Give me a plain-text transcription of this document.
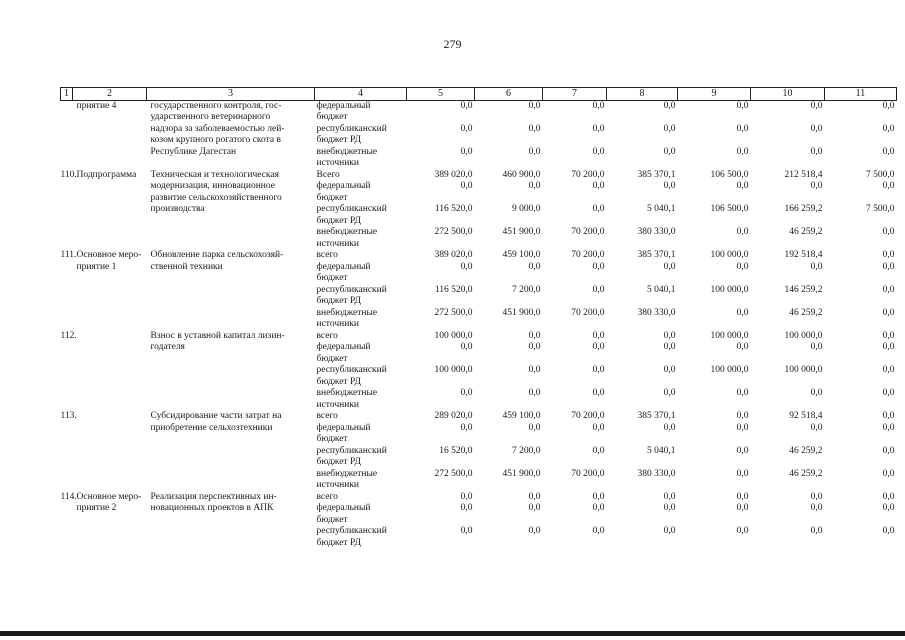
279
1	2	3	4	5	6	7	8	9	10	11

	приятие 4	государственного контроля, гос-	федеральный	0,0	0,0	0,0	0,0	0,0	0,0	0,0

		ударственного ветеринарного	бюджет							

		надзора за заболеваемостью лей-	республиканский	0,0	0,0	0,0	0,0	0,0	0,0	0,0

		козом крупного рогатого скота в	бюджет РД							

		Республике Дагестан	внебюджетные	0,0	0,0	0,0	0,0	0,0	0,0	0,0

			источники							

110.	Подпрограмма	Техническая и технологическая	Всего	389 020,0	460 900,0	70 200,0	385 370,1	106 500,0	212 518,4	7 500,0

		модернизация, инновационное	федеральный	0,0	0,0	0,0	0,0	0,0	0,0	0,0

		развитие сельскохозяйственного	бюджет							

		производства	республиканский	116 520,0	9 000,0	0,0	5 040,1	106 500,0	166 259,2	7 500,0

			бюджет РД							

			внебюджетные	272 500,0	451 900,0	70 200,0	380 330,0	0,0	46 259,2	0,0

			источники							

111.	Основное меро-	Обновление парка сельскохозяй-	всего	389 020,0	459 100,0	70 200,0	385 370,1	100 000,0	192 518,4	0,0

	приятие 1	ственной техники	федеральный	0,0	0,0	0,0	0,0	0,0	0,0	0,0

			бюджет							

			республиканский	116 520,0	7 200,0	0,0	5 040,1	100 000,0	146 259,2	0,0

			бюджет РД							

			внебюджетные	272 500,0	451 900,0	70 200,0	380 330,0	0,0	46 259,2	0,0

			источники							

112.		Взнос в уставной капитал лизин-	всего	100 000,0	0,0	0,0	0,0	100 000,0	100 000,0	0,0

		годателя	федеральный	0,0	0,0	0,0	0,0	0,0	0,0	0,0

			бюджет							

			республиканский	100 000,0	0,0	0,0	0,0	100 000,0	100 000,0	0,0

			бюджет РД							

			внебюджетные	0,0	0,0	0,0	0,0	0,0	0,0	0,0

			источники							

113.		Субсидирование части затрат на	всего	289 020,0	459 100,0	70 200,0	385 370,1	0,0	92 518,4	0,0

		приобретение сельхозтехники	федеральный	0,0	0,0	0,0	0,0	0,0	0,0	0,0

			бюджет							

			республиканский	16 520,0	7 200,0	0,0	5 040,1	0,0	46 259,2	0,0

			бюджет РД							

			внебюджетные	272 500,0	451 900,0	70 200,0	380 330,0	0,0	46 259,2	0,0

			источники							

114.	Основное меро-	Реализация перспективных ин-	всего	0,0	0,0	0,0	0,0	0,0	0,0	0,0

	приятие 2	новационных проектов в АПК	федеральный	0,0	0,0	0,0	0,0	0,0	0,0	0,0

			бюджет							

			республиканский	0,0	0,0	0,0	0,0	0,0	0,0	0,0

			бюджет РД							
